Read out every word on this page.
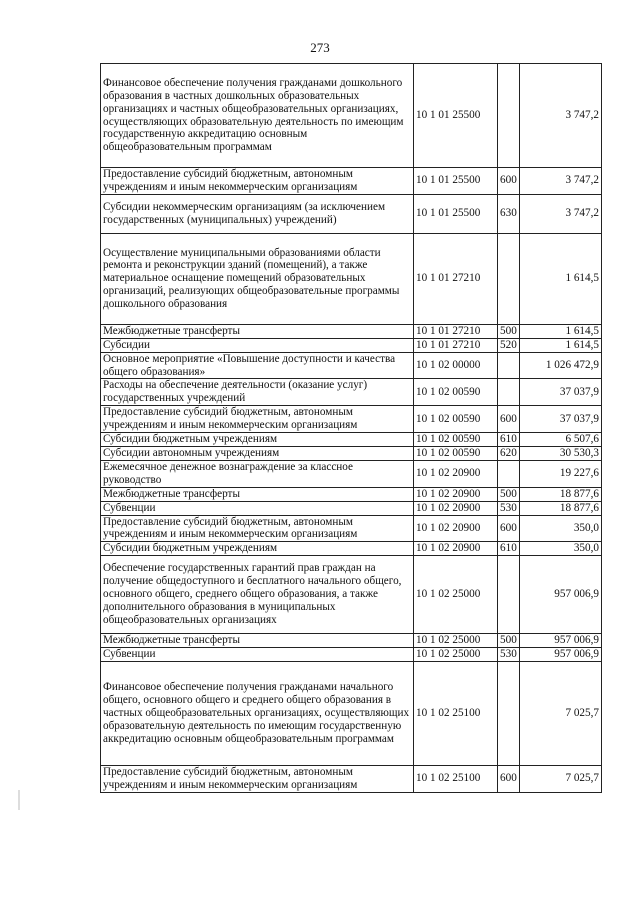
273
Финансовое обеспечение получения гражданами дошкольного образования в частных дошкольных образовательных организациях и частных общеобразовательных организациях, осуществляющих образовательную деятельность по имеющим государственную аккредитацию основным общеобразовательным программам	10 1 01 25500		3 747,2
Предоставление субсидий бюджетным, автономным учреждениям и иным некоммерческим организациям	10 1 01 25500	600	3 747,2
Субсидии некоммерческим организациям (за исключением государственных (муниципальных) учреждений)	10 1 01 25500	630	3 747,2
Осуществление муниципальными образованиями области ремонта и реконструкции зданий (помещений), а также материальное оснащение помещений образовательных организаций, реализующих общеобразовательные программы дошкольного образования	10 1 01 27210		1 614,5
Межбюджетные трансферты	10 1 01 27210	500	1 614,5
Субсидии	10 1 01 27210	520	1 614,5
Основное мероприятие «Повышение доступности и качества общего образования»	10 1 02 00000		1 026 472,9
Расходы на обеспечение деятельности (оказание услуг) государственных учреждений	10 1 02 00590		37 037,9
Предоставление субсидий бюджетным, автономным учреждениям и иным некоммерческим организациям	10 1 02 00590	600	37 037,9
Субсидии бюджетным учреждениям	10 1 02 00590	610	6 507,6
Субсидии автономным учреждениям	10 1 02 00590	620	30 530,3
Ежемесячное денежное вознаграждение за классное руководство	10 1 02 20900		19 227,6
Межбюджетные трансферты	10 1 02 20900	500	18 877,6
Субвенции	10 1 02 20900	530	18 877,6
Предоставление субсидий бюджетным, автономным учреждениям и иным некоммерческим организациям	10 1 02 20900	600	350,0
Субсидии бюджетным учреждениям	10 1 02 20900	610	350,0
Обеспечение государственных гарантий прав граждан на получение общедоступного и бесплатного начального общего, основного общего, среднего общего образования, а также дополнительного образования в муниципальных общеобразовательных организациях	10 1 02 25000		957 006,9
Межбюджетные трансферты	10 1 02 25000	500	957 006,9
Субвенции	10 1 02 25000	530	957 006,9
Финансовое обеспечение получения гражданами начального общего, основного общего и среднего общего образования в частных общеобразовательных организациях, осуществляющих образовательную деятельность по имеющим государственную аккредитацию основным общеобразовательным программам	10 1 02 25100		7 025,7
Предоставление субсидий бюджетным, автономным учреждениям и иным некоммерческим организациям	10 1 02 25100	600	7 025,7
